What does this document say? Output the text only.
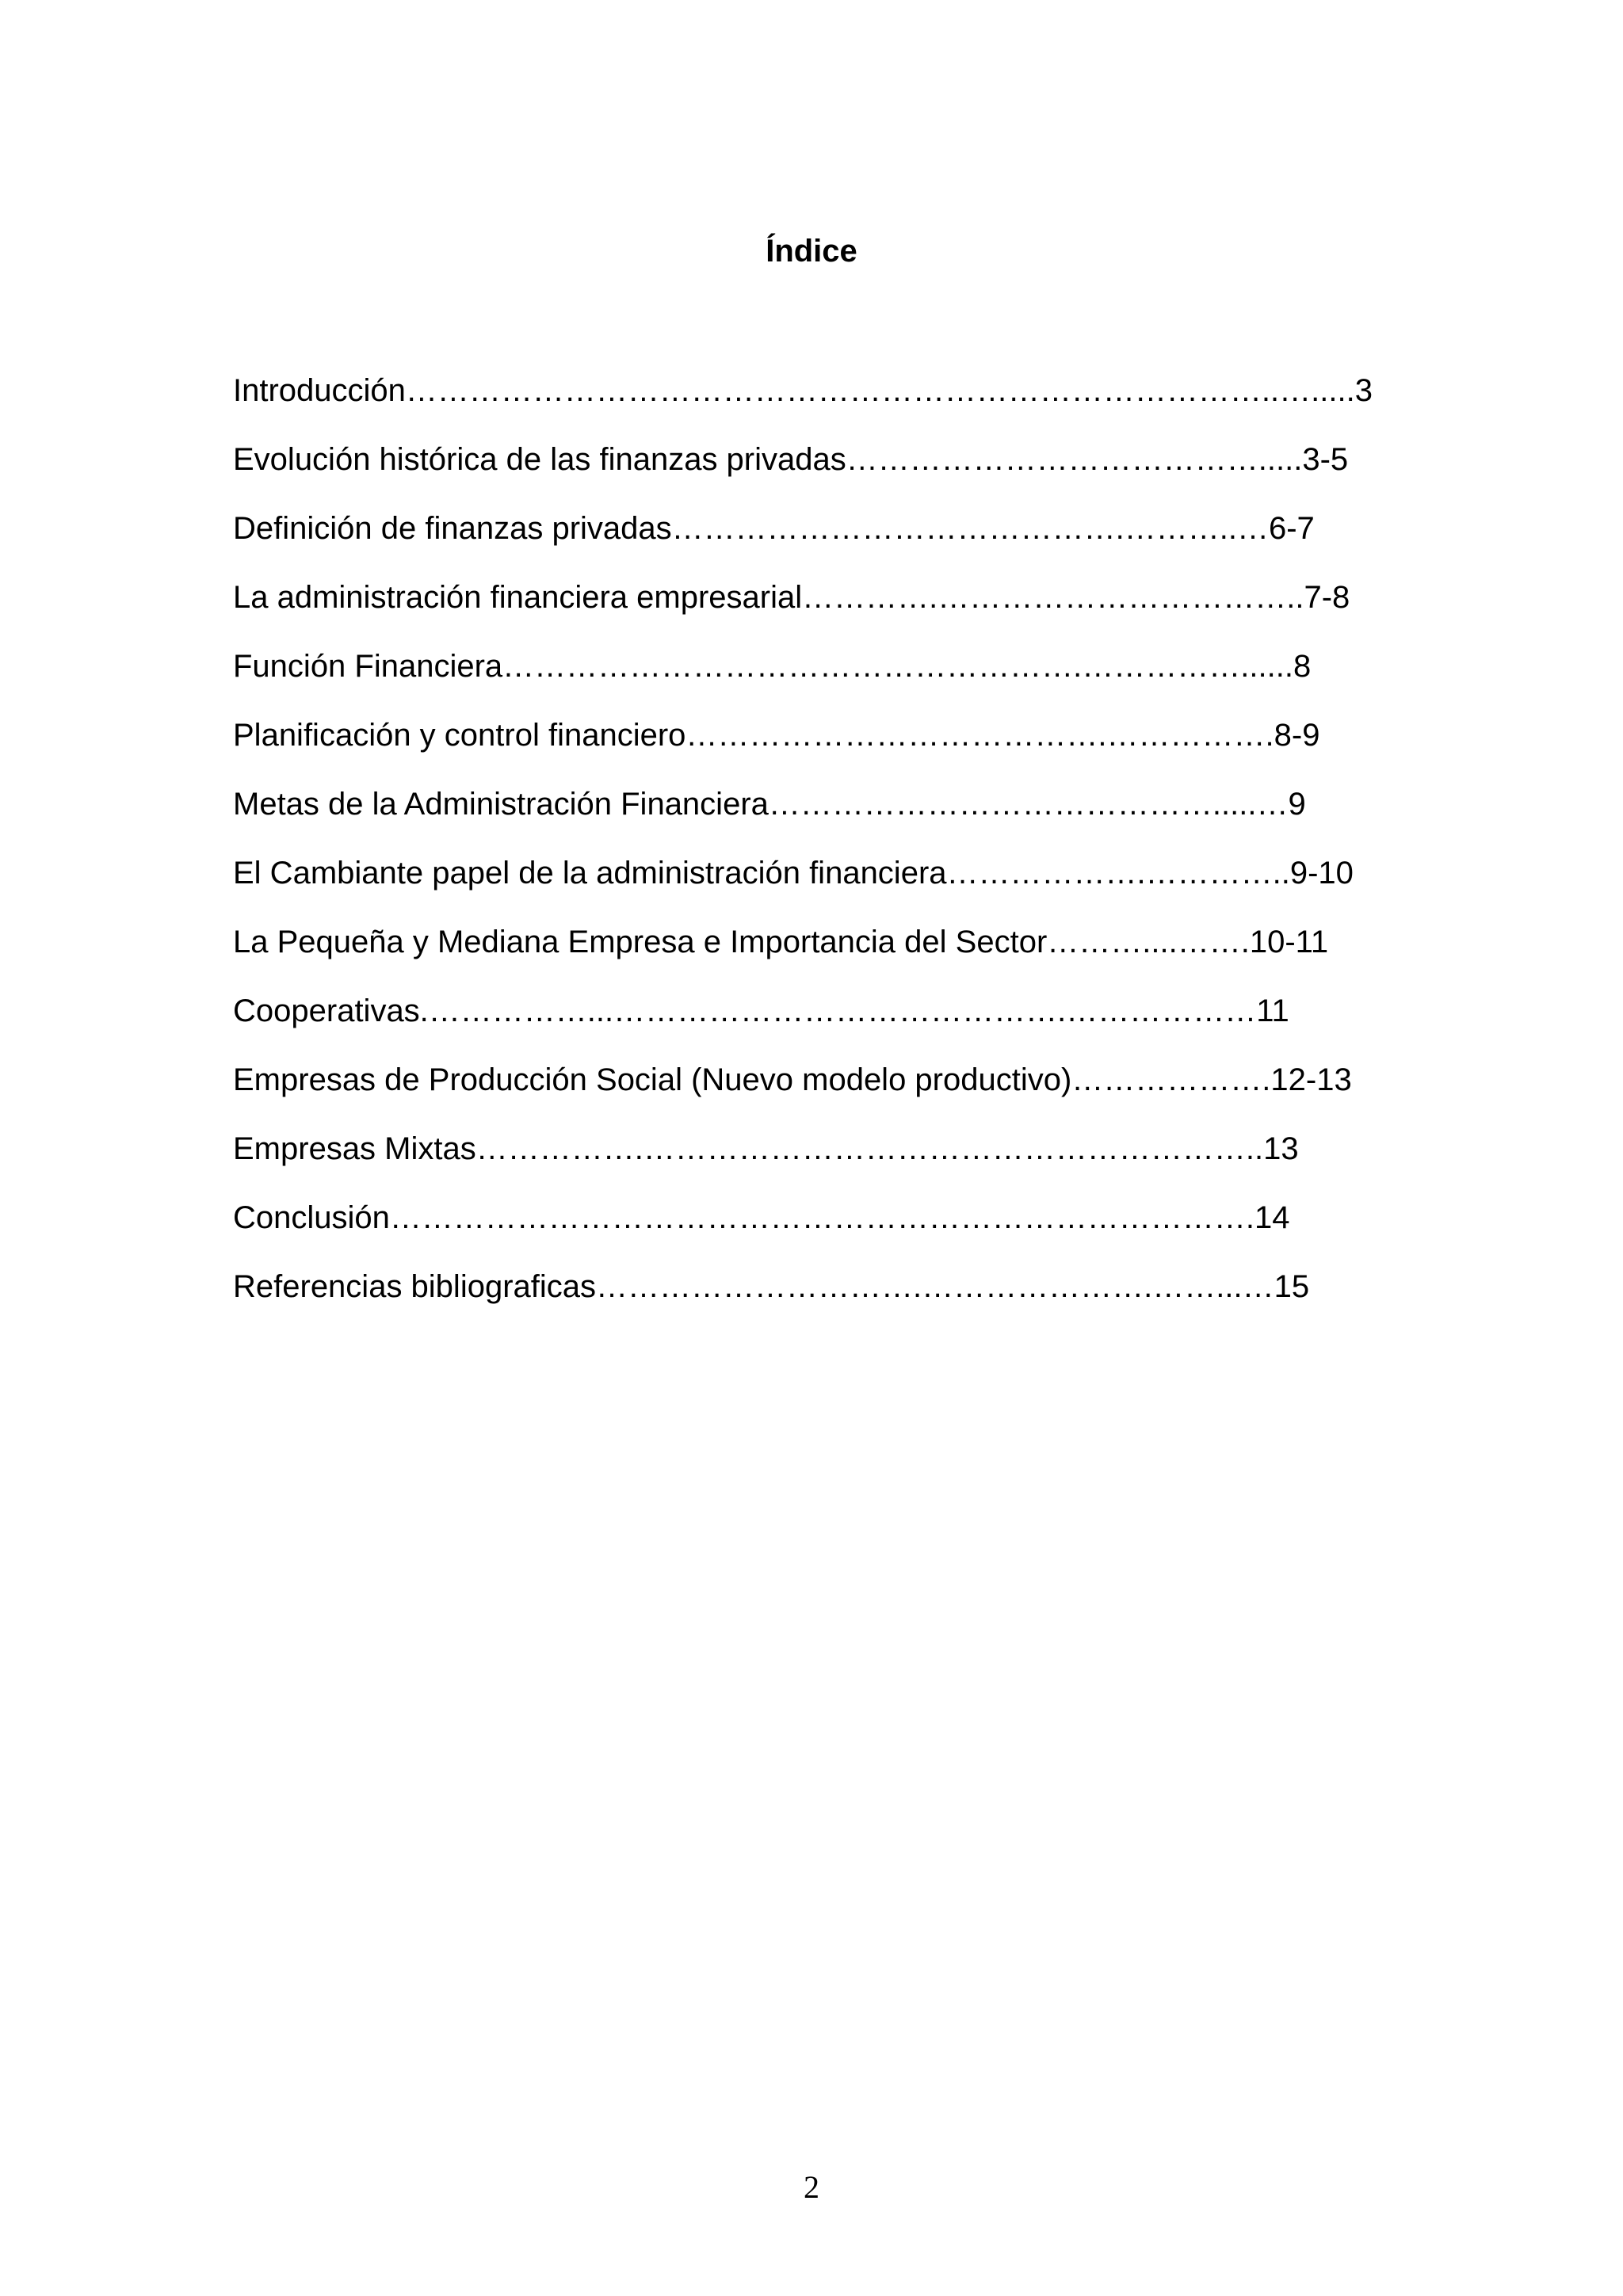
Índice
Introducción………………………………………………………………………..….....3
Evolución histórica de las finanzas privadas………………………………….....3-5
Definición de finanzas privadas…………………………………….………..…6-7
La administración financiera empresarial………….……………………………..7-8
Función Financiera……………………………………………….……………......8
Planificación y control financiero………………………………….…………….8-9
Metas de la Administración Financiera…………………………………….....…9
El Cambiante papel de la administración financiera……………….…………..9-10
La Pequeña y Mediana Empresa e Importancia del Sector………....…….10-11
Cooperativas.……………...…………………………………….………………11
Empresas de Producción Social (Nuevo modelo productivo)……………….12-13
Empresas Mixtas…………….…………………………………………………..13
Conclusión……………………………………………………………………….14
Referencias bibliograficas………………………….………………….……...…15
2
